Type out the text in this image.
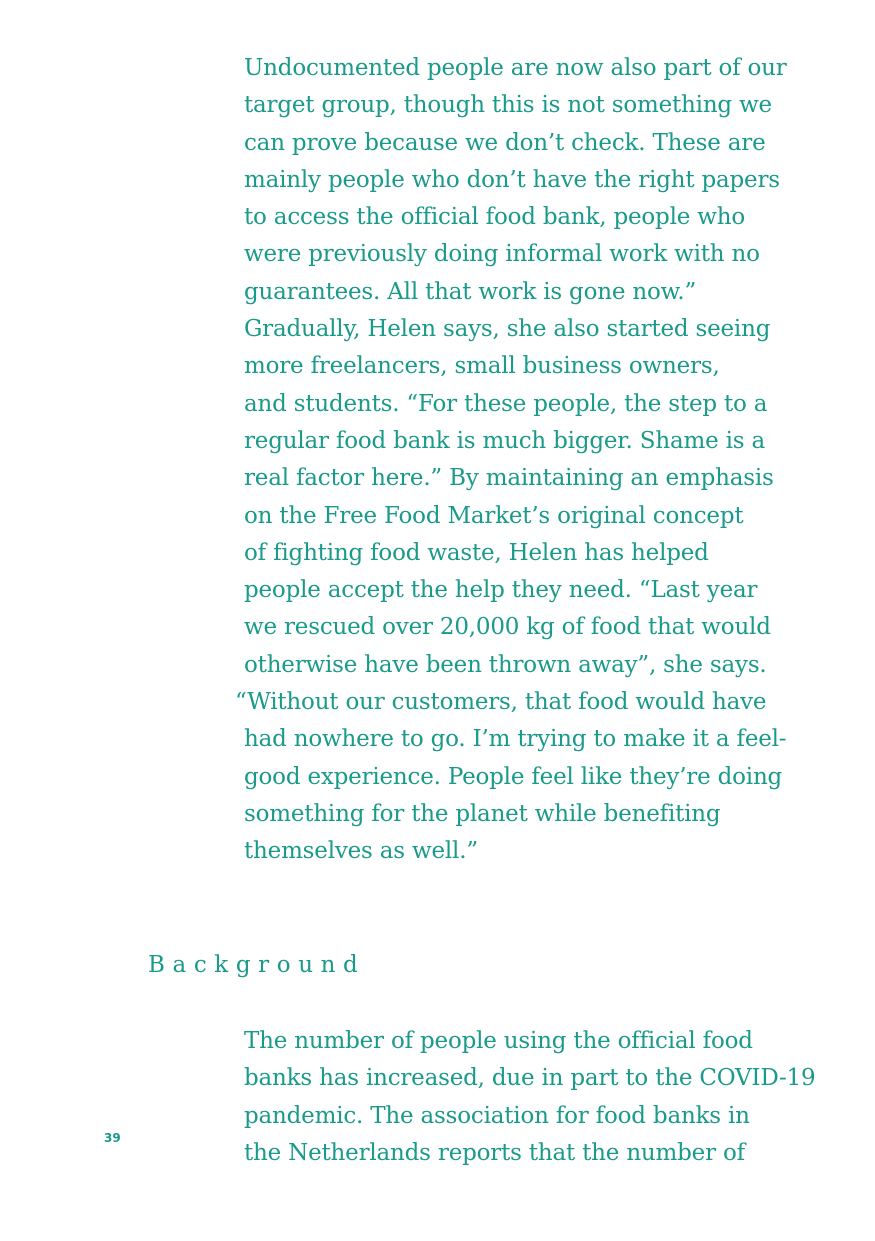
Undocumented people are now also part of our
target group, though this is not something we
can prove because we don’t check. These are
mainly people who don’t have the right papers
to access the official food bank, people who
were previously doing informal work with no
guarantees. All that work is gone now.”
Gradually, Helen says, she also started seeing
more freelancers, small business owners,
and students. “For these people, the step to a
regular food bank is much bigger. Shame is a
real factor here.” By maintaining an emphasis
on the Free Food Market’s original concept
of fighting food waste, Helen has helped
people accept the help they need. “Last year
we rescued over 20,000 kg of food that would
otherwise have been thrown away”, she says.
“Without our customers, that food would have
had nowhere to go. I’m trying to make it a feel-
good experience. People feel like they’re doing
something for the planet while benefiting
themselves as well.”
Background
The number of people using the official food
banks has increased, due in part to the COVID-19
pandemic. The association for food banks in
the Netherlands reports that the number of
39
